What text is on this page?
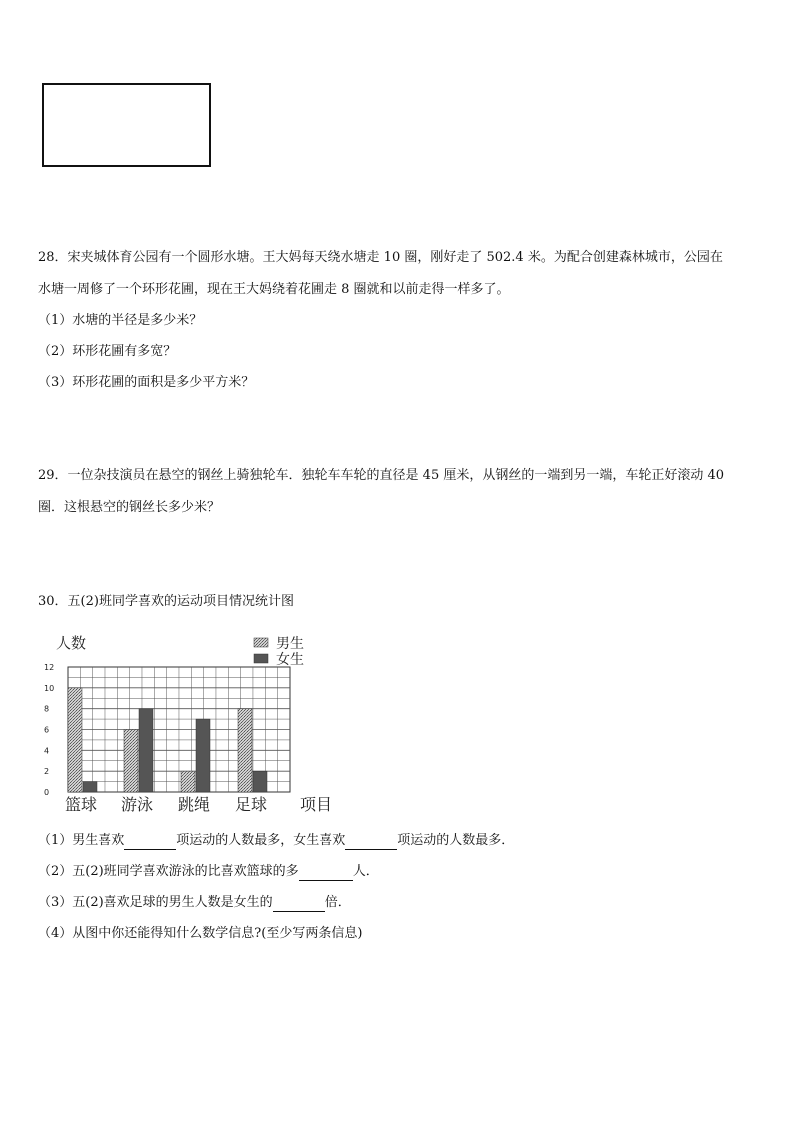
28．宋夹城体育公园有一个圆形水塘。王大妈每天绕水塘走 10 圈，刚好走了 502.4 米。为配合创建森林城市，公园在
水塘一周修了一个环形花圃，现在王大妈绕着花圃走 8 圈就和以前走得一样多了。
（1）水塘的半径是多少米？
（2）环形花圃有多宽？
（3）环形花圃的面积是多少平方米？
29．一位杂技演员在悬空的钢丝上骑独轮车．独轮车车轮的直径是 45 厘米，从钢丝的一端到另一端，车轮正好滚动 40
圈．这根悬空的钢丝长多少米？
30．五(2)班同学喜欢的运动项目情况统计图
0
2
4
6
8
10
12
篮球 游泳 跳绳 足球
人数
项目
男生
女生
（1）男生喜欢	项运动的人数最多，女生喜欢	项运动的人数最多．
（2）五(2)班同学喜欢游泳的比喜欢篮球的多	人．
（3）五(2)喜欢足球的男生人数是女生的	倍．
（4）从图中你还能得知什么数学信息?(至少写两条信息)
